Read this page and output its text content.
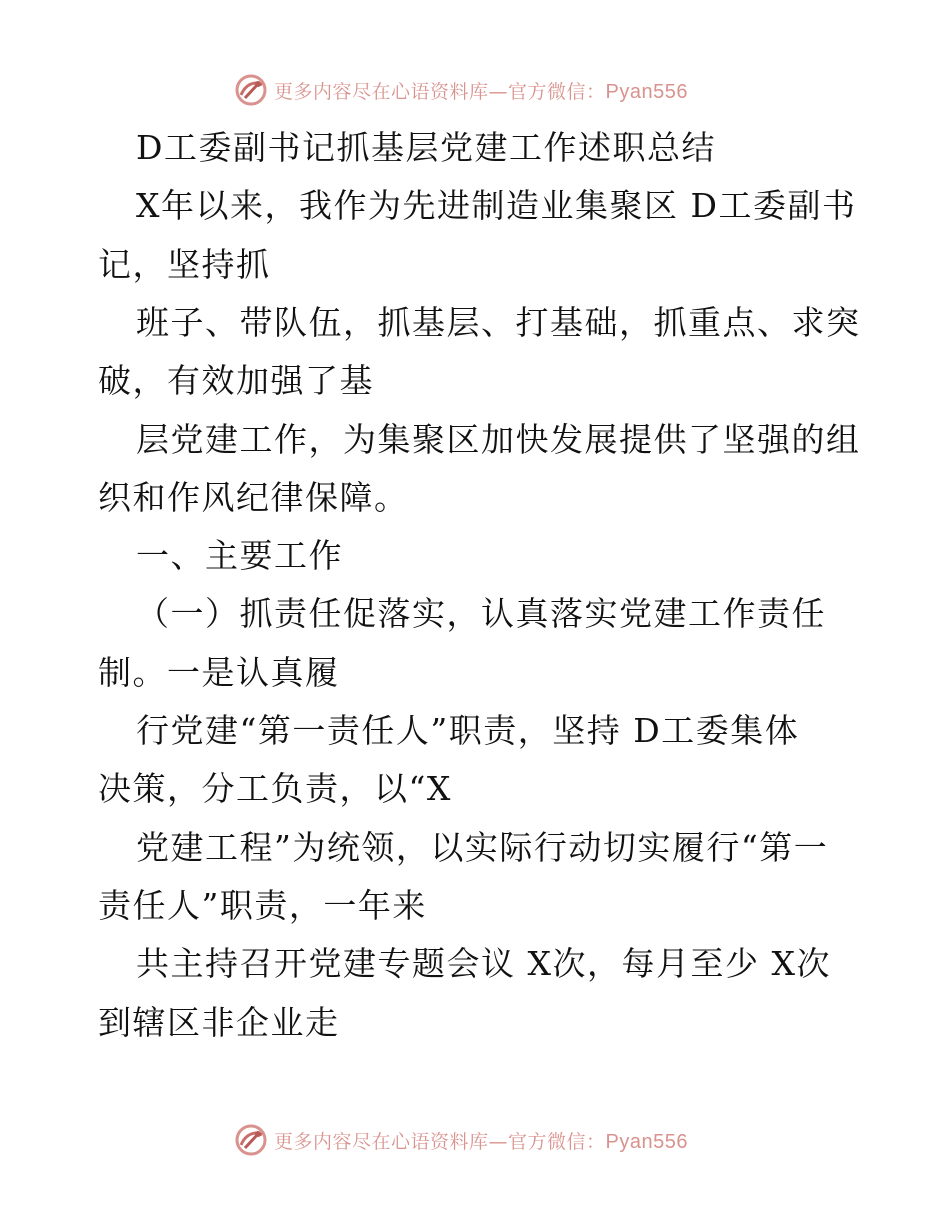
更多内容尽在心语资料库—官方微信：Pyan556
D工委副书记抓基层党建工作述职总结
X年以来，我作为先进制造业集聚区 D工委副书
记，坚持抓
班子、带队伍，抓基层、打基础，抓重点、求突
破，有效加强了基
层党建工作，为集聚区加快发展提供了坚强的组
织和作风纪律保障。
一、主要工作
（一）抓责任促落实，认真落实党建工作责任
制。一是认真履
行党建“第一责任人”职责，坚持 D工委集体
决策，分工负责，以“X
党建工程”为统领，以实际行动切实履行“第一
责任人”职责，一年来
共主持召开党建专题会议 X次，每月至少 X次
到辖区非企业走
更多内容尽在心语资料库—官方微信：Pyan556
